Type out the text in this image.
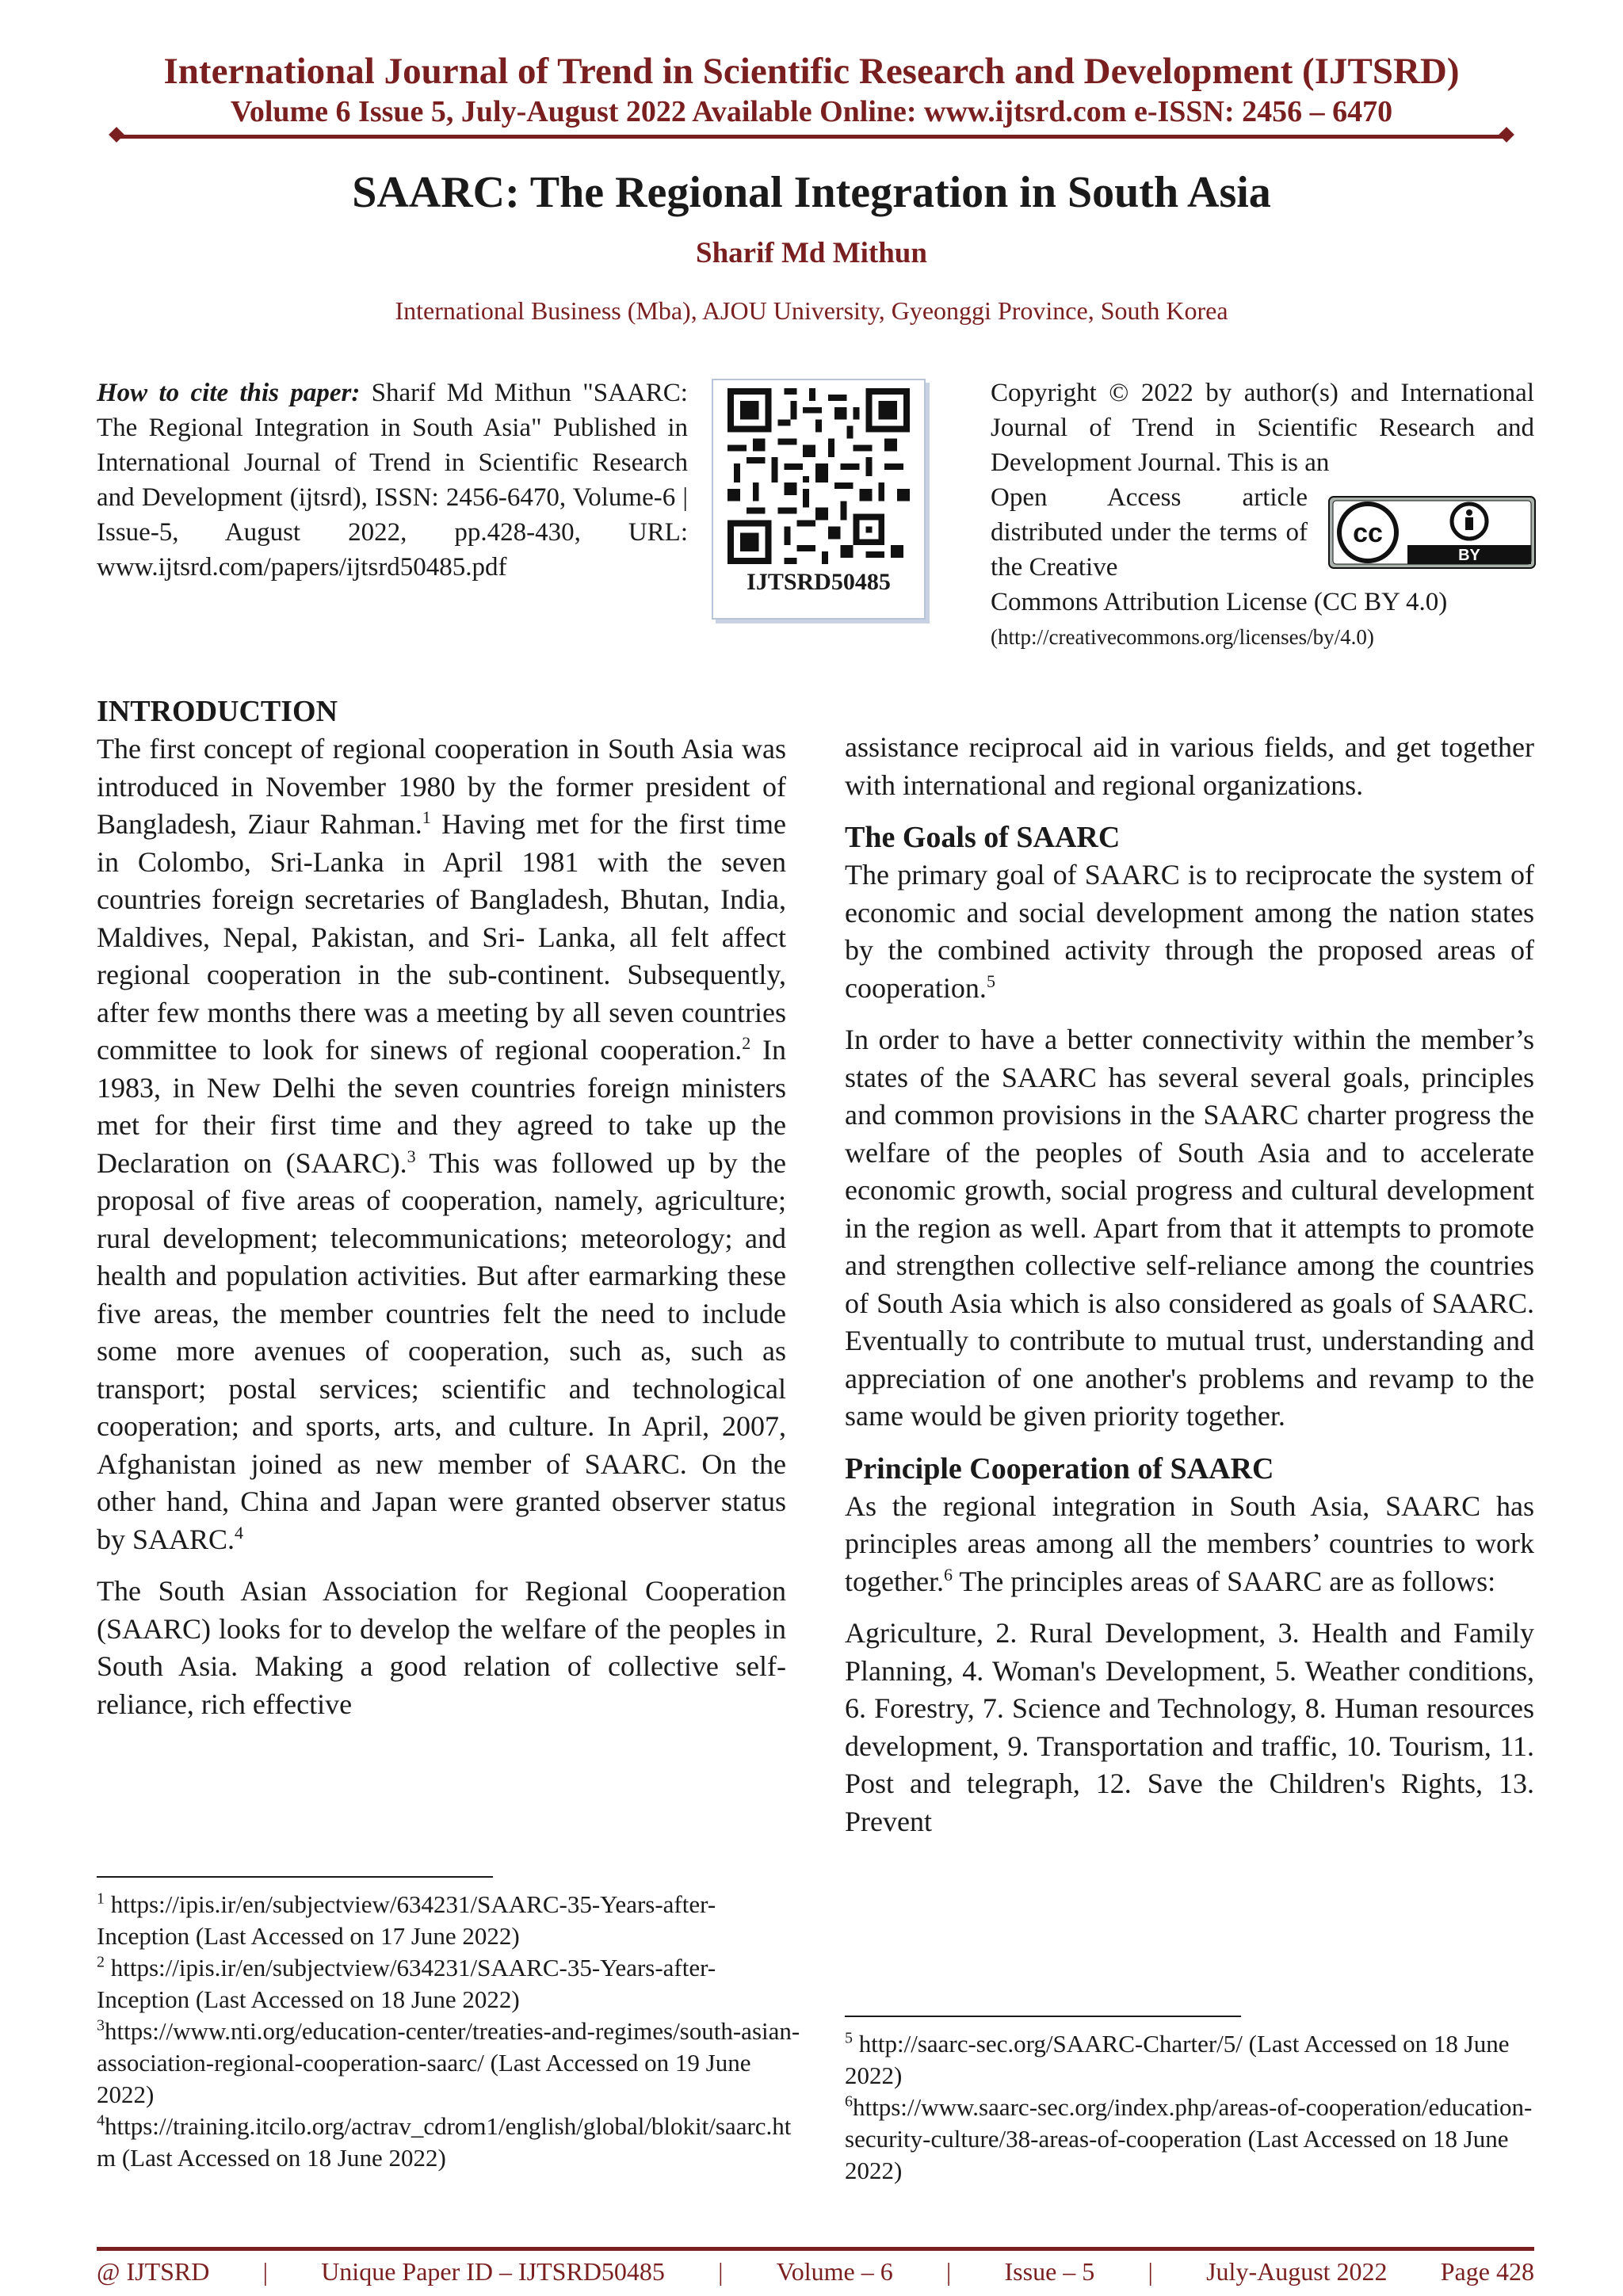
International Journal of Trend in Scientific Research and Development (IJTSRD)
Volume 6 Issue 5, July-August 2022 Available Online: www.ijtsrd.com e-ISSN: 2456 – 6470
SAARC: The Regional Integration in South Asia
Sharif Md Mithun
International Business (Mba), AJOU University, Gyeonggi Province, South Korea
How to cite this paper: Sharif Md Mithun "SAARC: The Regional Integration in South Asia" Published in International Journal of Trend in Scientific Research and Development (ijtsrd), ISSN: 2456-6470, Volume-6 | Issue-5, August 2022, pp.428-430, URL: www.ijtsrd.com/papers/ijtsrd50485.pdf
IJTSRD50485
Copyright © 2022 by author(s) and International Journal of Trend in Scientific Research and Development Journal. This is an
Open Access article distributed under the terms of the Creative
Commons Attribution License (CC BY 4.0)
(http://creativecommons.org/licenses/by/4.0)
cc
BY
INTRODUCTION

The first concept of regional cooperation in South Asia was introduced in November 1980 by the former president of Bangladesh, Ziaur Rahman.$^1$ Having met for the first time in Colombo, Sri-Lanka in April 1981 with the seven countries foreign secretaries of Bangladesh, Bhutan, India, Maldives, Nepal, Pakistan, and Sri- Lanka, all felt affect regional cooperation in the sub-continent. Subsequently, after few months there was a meeting by all seven countries committee to look for sinews of regional cooperation.$^2$ In 1983, in New Delhi the seven countries foreign ministers met for their first time and they agreed to take up the Declaration on (SAARC).$^3$ This was followed up by the proposal of five areas of cooperation, namely, agriculture; rural development; telecommunications; meteorology; and health and population activities. But after earmarking these five areas, the member countries felt the need to include some more avenues of cooperation, such as, such as transport; postal services; scientific and technological cooperation; and sports, arts, and culture. In April, 2007, Afghanistan joined as new member of SAARC. On the other hand, China and Japan were granted observer status by SAARC.$^4$

The South Asian Association for Regional Cooperation (SAARC) looks for to develop the welfare of the peoples in South Asia. Making a good relation of collective self-reliance, rich effective

assistance reciprocal aid in various fields, and get together with international and regional organizations.

The Goals of SAARC

The primary goal of SAARC is to reciprocate the system of economic and social development among the nation states by the combined activity through the proposed areas of cooperation.$^5$

In order to have a better connectivity within the member’s states of the SAARC has several several goals, principles and common provisions in the SAARC charter progress the welfare of the peoples of South Asia and to accelerate economic growth, social progress and cultural development in the region as well. Apart from that it attempts to promote and strengthen collective self-reliance among the countries of South Asia which is also considered as goals of SAARC. Eventually to contribute to mutual trust, understanding and appreciation of one another's problems and revamp to the same would be given priority together.

Principle Cooperation of SAARC

As the regional integration in South Asia, SAARC has principles areas among all the members’ countries to work together.$^6$ The principles areas of SAARC are as follows:

Agriculture, 2. Rural Development, 3. Health and Family Planning, 4. Woman's Development, 5. Weather conditions, 6. Forestry, 7. Science and Technology, 8. Human resources development, 9. Transportation and traffic, 10. Tourism, 11. Post and telegraph, 12. Save the Children's Rights, 13. Prevent

$^1$ https://ipis.ir/en/subjectview/634231/SAARC-35-Years-after-Inception (Last Accessed on 17 June 2022)

$^2$ https://ipis.ir/en/subjectview/634231/SAARC-35-Years-after-Inception (Last Accessed on 18 June 2022)

$^3$https://www.nti.org/education-center/treaties-and-regimes/south-asian-association-regional-cooperation-saarc/ (Last Accessed on 19 June 2022)

$^4$https://training.itcilo.org/actrav_cdrom1/english/global/blokit/saarc.htm (Last Accessed on 18 June 2022)

$^5$ http://saarc-sec.org/SAARC-Charter/5/ (Last Accessed on 18 June 2022)

$^6$https://www.saarc-sec.org/index.php/areas-of-cooperation/education-security-culture/38-areas-of-cooperation (Last Accessed on 18 June 2022)

@ IJTSRD | Unique Paper ID – IJTSRD50485 | Volume – 6 | Issue – 5 | July-August 2022 Page 428
